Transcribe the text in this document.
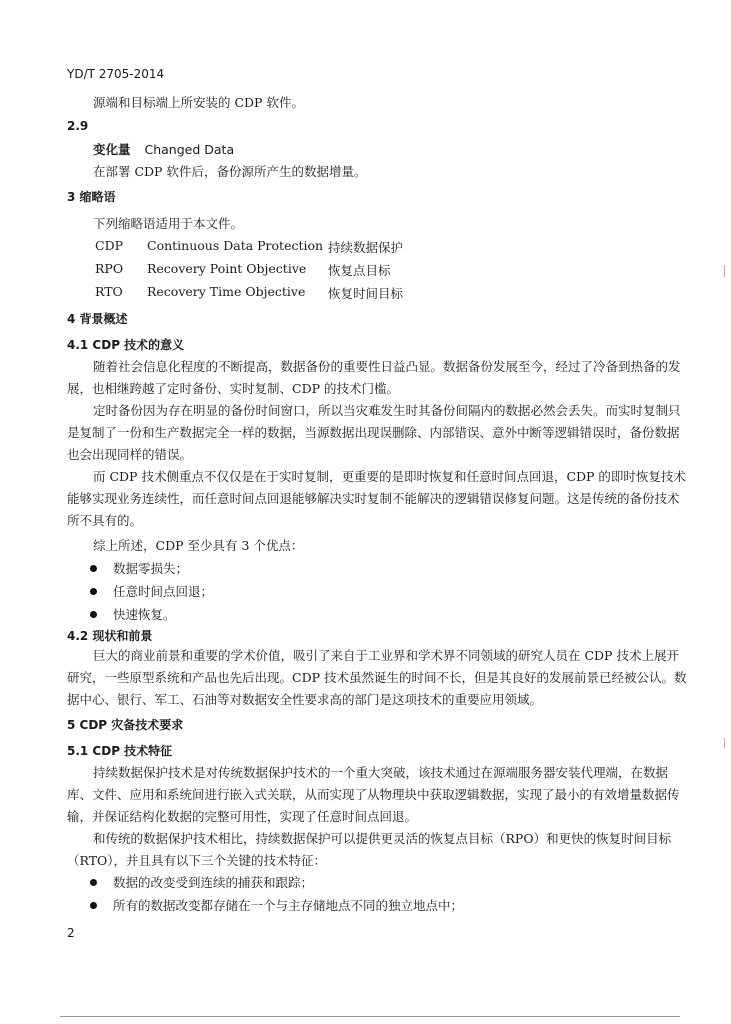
YD/T 2705-2014
源端和目标端上所安装的 CDP 软件。
2.9
变化量 Changed Data
在部署 CDP 软件后，备份源所产生的数据增量。
3 缩略语
下列缩略语适用于本文件。
CDP Continuous Data Protection 持续数据保护
RPO Recovery Point Objective 恢复点目标
RTO Recovery Time Objective 恢复时间目标
4 背景概述
4.1 CDP 技术的意义
随着社会信息化程度的不断提高，数据备份的重要性日益凸显。数据备份发展至今，经过了冷备到热备的发展，也相继跨越了定时备份、实时复制、CDP 的技术门槛。
定时备份因为存在明显的备份时间窗口，所以当灾难发生时其备份间隔内的数据必然会丢失。而实时复制只是复制了一份和生产数据完全一样的数据，当源数据出现误删除、内部错误、意外中断等逻辑错误时，备份数据也会出现同样的错误。
而 CDP 技术侧重点不仅仅是在于实时复制，更重要的是即时恢复和任意时间点回退，CDP 的即时恢复技术能够实现业务连续性，而任意时间点回退能够解决实时复制不能解决的逻辑错误修复问题。这是传统的备份技术所不具有的。
综上所述，CDP 至少具有 3 个优点：
数据零损失；
任意时间点回退；
快速恢复。
4.2 现状和前景
巨大的商业前景和重要的学术价值，吸引了来自于工业界和学术界不同领域的研究人员在 CDP 技术上展开研究，一些原型系统和产品也先后出现。CDP 技术虽然诞生的时间不长，但是其良好的发展前景已经被公认。数据中心、银行、军工、石油等对数据安全性要求高的部门是这项技术的重要应用领域。
5 CDP 灾备技术要求
5.1 CDP 技术特征
持续数据保护技术是对传统数据保护技术的一个重大突破，该技术通过在源端服务器安装代理端，在数据库、文件、应用和系统间进行嵌入式关联，从而实现了从物理块中获取逻辑数据，实现了最小的有效增量数据传输，并保证结构化数据的完整可用性，实现了任意时间点回退。
和传统的数据保护技术相比，持续数据保护可以提供更灵活的恢复点目标（RPO）和更快的恢复时间目标（RTO），并且具有以下三个关键的技术特征：
数据的改变受到连续的捕获和跟踪；
所有的数据改变都存储在一个与主存储地点不同的独立地点中；
2
